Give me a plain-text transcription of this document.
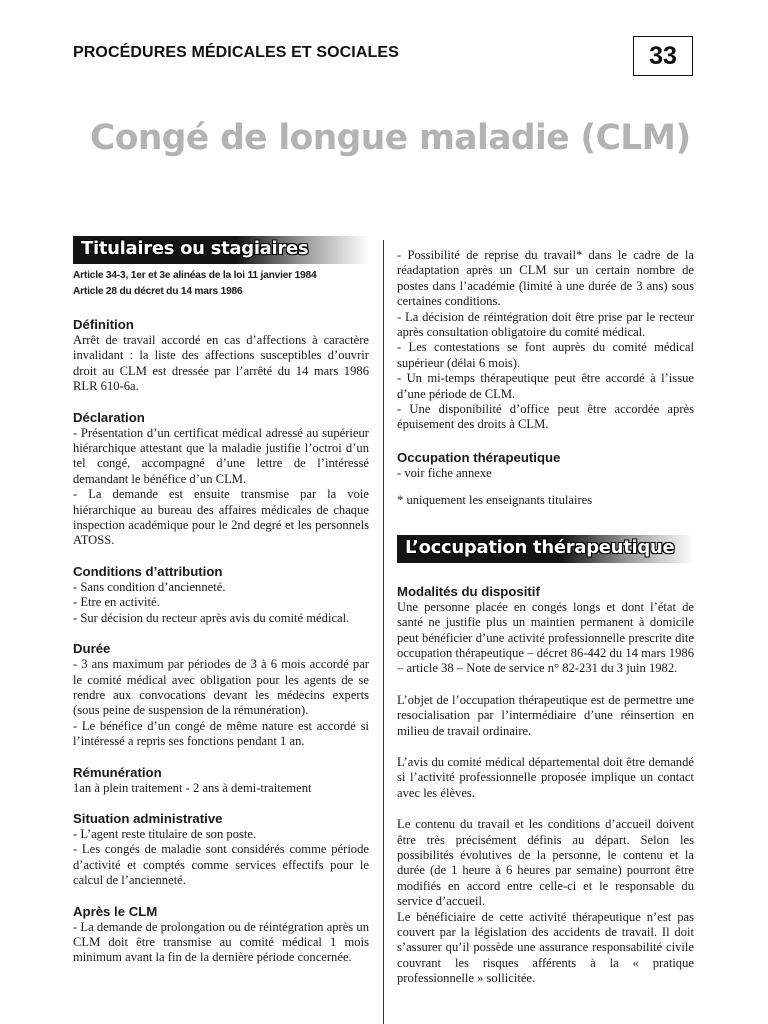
PROCÉDURES MÉDICALES ET SOCIALES	33
Congé de longue maladie (CLM)
Titulaires ou stagiaires
Article 34-3, 1er et 3e alinéas de la loi 11 janvier 1984
Article 28 du décret du 14 mars 1986
Définition

Arrêt de travail accordé en cas d’affections à caractère invalidant : la liste des affections susceptibles d’ouvrir droit au CLM est dressée par l’arrêté du 14 mars 1986 RLR 610-6a.

Déclaration

- Présentation d’un certificat médical adressé au supérieur hiérarchique attestant que la maladie justifie l’octroi d’un tel congé, accompagné d’une lettre de l’intéressé demandant le bénéfice d’un CLM.

- La demande est ensuite transmise par la voie hiérarchique au bureau des affaires médicales de chaque inspection académique pour le 2nd degré et les personnels ATOSS.

Conditions d’attribution

- Sans condition d’ancienneté.

- Etre en activité.

- Sur décision du recteur après avis du comité médical.

Durée

- 3 ans maximum par périodes de 3 à 6 mois accordé par le comité médical avec obligation pour les agents de se rendre aux convocations devant les médecins experts (sous peine de suspension de la rémunération).

- Le bénéfice d’un congé de même nature est accordé si l’intéressé a repris ses fonctions pendant 1 an.

Rémunération

1an à plein traitement - 2 ans à demi-traitement

Situation administrative

- L’agent reste titulaire de son poste.

- Les congés de maladie sont considérés comme période d’activité et comptés comme services effectifs pour le calcul de l’ancienneté.

Après le CLM

- La demande de prolongation ou de réintégration après un CLM doit être transmise au comité médical 1 mois minimum avant la fin de la dernière période concernée.

- Possibilité de reprise du travail* dans le cadre de la réadaptation après un CLM sur un certain nombre de postes dans l’académie (limité à une durée de 3 ans) sous certaines conditions.

- La décision de réintégration doit être prise par le recteur après consultation obligatoire du comité médical.

- Les contestations se font auprès du comité médical supérieur (délai 6 mois).

- Un mi-temps thérapeutique peut être accordé à l’issue d’une période de CLM.

- Une disponibilité d’office peut être accordée après épuisement des droits à CLM.

Occupation thérapeutique

- voir fiche annexe

* uniquement les enseignants titulaires

L’occupation thérapeutique
Modalités du dispositif

Une personne placée en congés longs et dont l’état de santé ne justifie plus un maintien permanent à domicile peut bénéficier d’une activité professionnelle prescrite dite occupation thérapeutique – décret 86-442 du 14 mars 1986 – article 38 – Note de service n° 82-231 du 3 juin 1982.

L’objet de l’occupation thérapeutique est de permettre une resocialisation par l’intermédiaire d’une réinsertion en milieu de travail ordinaire.

L’avis du comité médical départemental doit être demandé si l’activité professionnelle proposée implique un contact avec les élèves.

Le contenu du travail et les conditions d’accueil doivent être très précisément définis au départ. Selon les possibilités évolutives de la personne, le contenu et la durée (de 1 heure à 6 heures par semaine) pourront être modifiés en accord entre celle-ci et le responsable du service d’accueil.

Le bénéficiaire de cette activité thérapeutique n’est pas couvert par la législation des accidents de travail. Il doit s’assurer qu’il possède une assurance responsabilité civile couvrant les risques afférents à la « pratique professionnelle » sollicitée.
